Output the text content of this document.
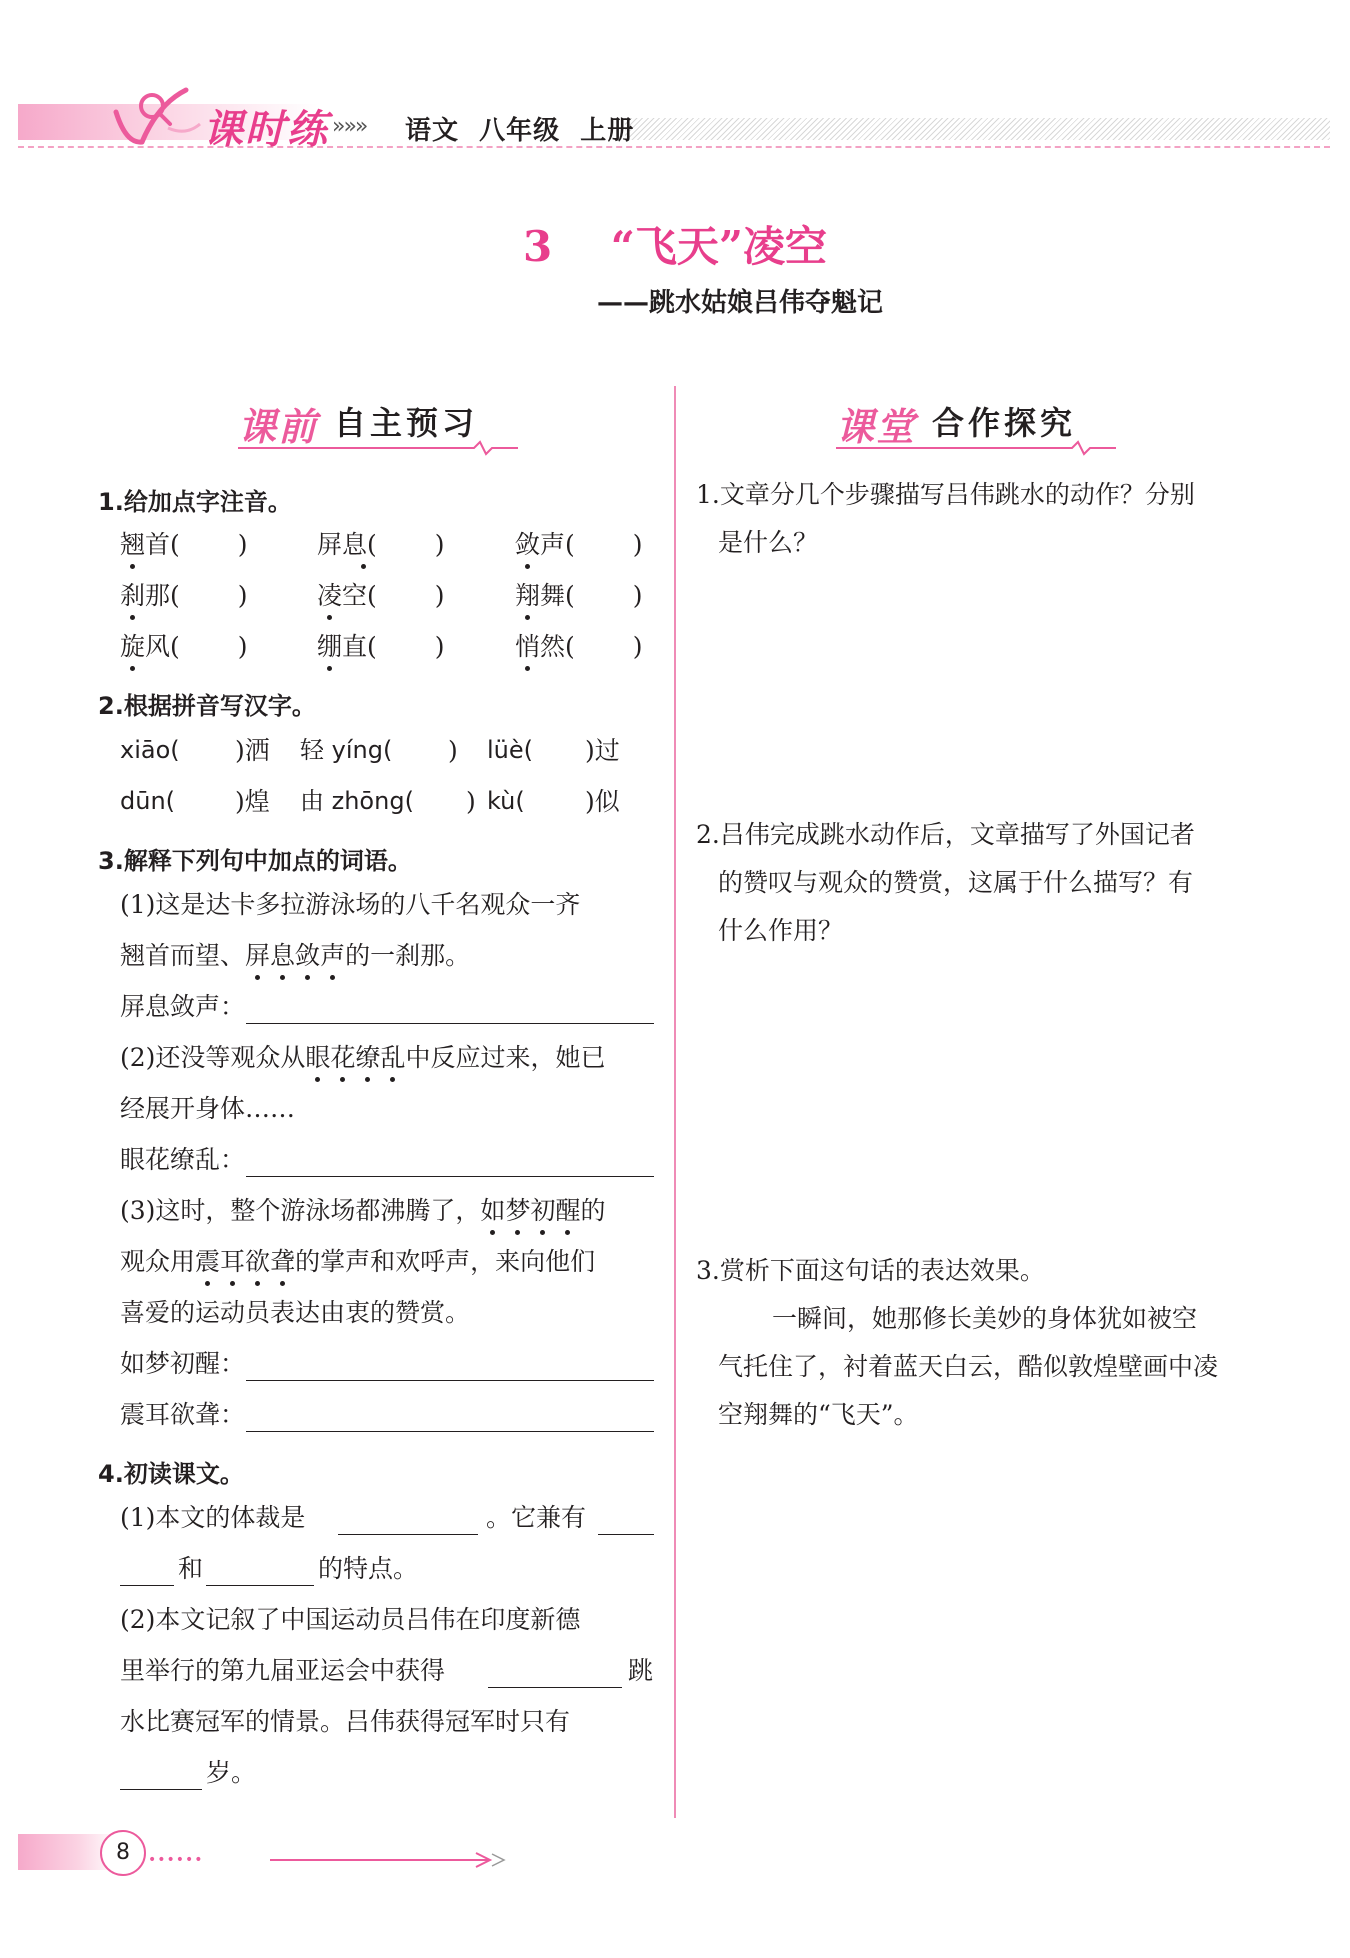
课时练 »»» 语文  八年级  上册
3    “飞天”凌空
——跳水姑娘吕伟夺魁记
课前 自主预习
1.给加点字注音。
翘首( )	屏息( )	敛声( )
刹那( )	凌空( )	翔舞( )
旋风( )	绷直( )	悄然( )
2.根据拼音写汉字。
xiāo( )洒 轻 yíng( ) lüè( )过
dūn( )煌 由 zhōng( ) kù( )似
3.解释下列句中加点的词语。
(1)这是达卡多拉游泳场的八千名观众一齐
翘首而望、屏息敛声的一刹那。
屏息敛声：
(2)还没等观众从眼花缭乱中反应过来，她已
经展开身体……
眼花缭乱：
(3)这时，整个游泳场都沸腾了，如梦初醒的
观众用震耳欲聋的掌声和欢呼声，来向他们
喜爱的运动员表达由衷的赞赏。
如梦初醒：
震耳欲聋：
4.初读课文。
(1)本文的体裁是	。它兼有
和	的特点。
(2)本文记叙了中国运动员吕伟在印度新德
里举行的第九届亚运会中获得	跳
水比赛冠军的情景。吕伟获得冠军时只有
岁。
课堂 合作探究
1.文章分几个步骤描写吕伟跳水的动作？分别
是什么？
2.吕伟完成跳水动作后，文章描写了外国记者
的赞叹与观众的赞赏，这属于什么描写？有
什么作用？
3.赏析下面这句话的表达效果。
一瞬间，她那修长美妙的身体犹如被空
气托住了，衬着蓝天白云，酷似敦煌壁画中凌
空翔舞的“飞天”。
8	••••••
